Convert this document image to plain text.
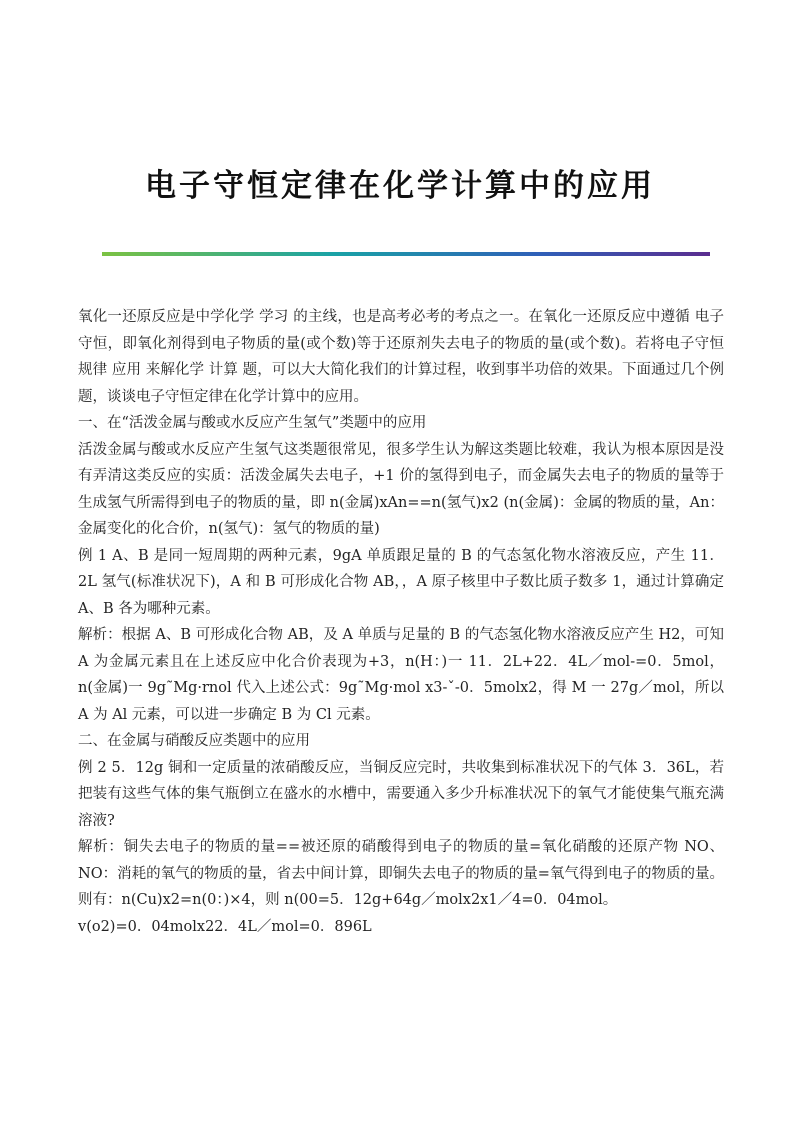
电子守恒定律在化学计算中的应用

氧化一还原反应是中学化学 学习 的主线，也是高考必考的考点之一。在氧化一还原反应中遵循 电子 守恒，即氧化剂得到电子物质的量(或个数)等于还原剂失去电子的物质的量(或个数)。若将电子守恒 规律 应用 来解化学 计算 题，可以大大简化我们的计算过程，收到事半功倍的效果。下面通过几个例题，谈谈电子守恒定律在化学计算中的应用。

一、在“活泼金属与酸或水反应产生氢气”类题中的应用

活泼金属与酸或水反应产生氢气这类题很常见，很多学生认为解这类题比较难，我认为根本原因是没有弄清这类反应的实质：活泼金属失去电子，+1 价的氢得到电子，而金属失去电子的物质的量等于生成氢气所需得到电子的物质的量，即 n(金属)xAn==n(氢气)x2 (n(金属)：金属的物质的量，An：金属变化的化合价，n(氢气)：氢气的物质的量)

例 1 A、B 是同一短周期的两种元素，9gA 单质跟足量的 B 的气态氢化物水溶液反应，产生 11．2L 氢气(标准状况下)，A 和 B 可形成化合物 AB，，A 原子核里中子数比质子数多 1，通过计算确定 A、B 各为哪种元素。

解析：根据 A、B 可形成化合物 AB，及 A 单质与足量的 B 的气态氢化物水溶液反应产生 H2，可知 A 为金属元素且在上述反应中化合价表现为+3，n(H：)一 11．2L+22．4L／mol-=0．5mol，n(金属)一 9g˜Mg·rnol 代入上述公式：9g˜Mg·mol x3-ˇ-0．5molx2，得 M 一 27g／mol，所以 A 为 Al 元素，可以进一步确定 B 为 Cl 元素。

二、在金属与硝酸反应类题中的应用

例 2 5．12g 铜和一定质量的浓硝酸反应，当铜反应完时，共收集到标准状况下的气体 3．36L，若把装有这些气体的集气瓶倒立在盛水的水槽中，需要通入多少升标准状况下的氧气才能使集气瓶充满溶液?

解析：铜失去电子的物质的量==被还原的硝酸得到电子的物质的量=氧化硝酸的还原产物 NO、NO：消耗的氧气的物质的量，省去中间计算，即铜失去电子的物质的量=氧气得到电子的物质的量。则有：n(Cu)x2=n(0：)×4，则 n(00=5．12g+64g／molx2x1／4=0．04mol。

v(o2)=0．04molx22．4L／mol=0．896L
